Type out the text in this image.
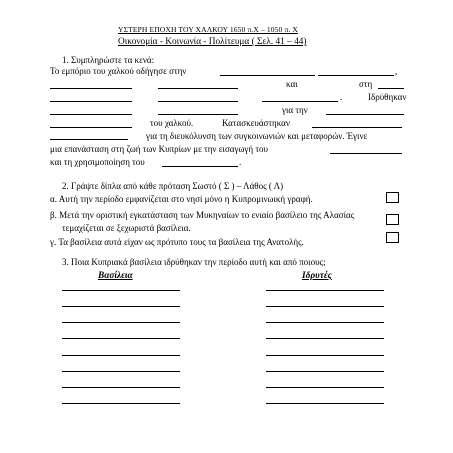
ΥΣΤΕΡΗ ΕΠΟΧΗ ΤΟΥ ΧΑΛΚΟΥ 1650 π.Χ – 1050 π. Χ
Οικονομία - Κοινωνία - Πολίτευμα ( Σελ. 41 – 44)
1. Συμπληρώστε τα κενά:
Το εμπόριο του χαλκού οδήγησε στην	,
και	στη
.	Ιδρύθηκαν
για την
του χαλκού.	Κατασκευάστηκαν
για τη διευκόλυνση των συγκοινωνιών και μεταφορών. Έγινε
μια επανάσταση στη ζωή των Κυπρίων με την εισαγωγή του
και τη χρησιμοποίηση του	.
2. Γράψτε δίπλα από κάθε πρόταση Σωστό ( Σ ) – Λάθος ( Λ)
α. Αυτή την περίοδο εμφανίζεται στο νησί μόνο η Κυπρομινωική γραφή.
β. Μετά την οριστική εγκατάσταση των Μυκηναίων το ενιαίο βασίλειο της Αλασίας
τεμαχίζεται σε ξεχωριστά βασίλεια.
γ. Τα βασίλεια αυτά είχαν ως πρότυπο τους τα βασίλεια της Ανατολής.
3. Ποια Κυπριακά βασίλεια ιδρύθηκαν την περίοδο αυτή και από ποιους;
Βασίλεια	Ιδρυτές
